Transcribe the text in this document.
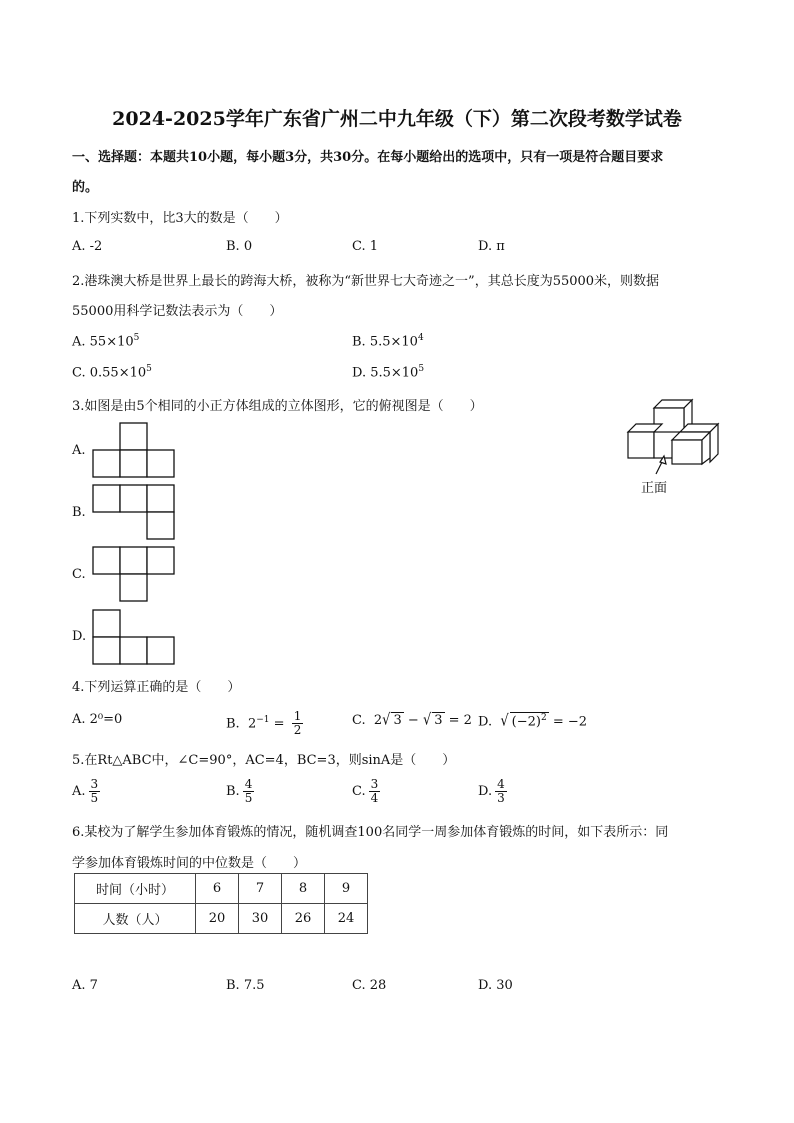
2024-2025学年广东省广州二中九年级（下）第二次段考数学试卷
一、选择题：本题共10小题，每小题3分，共30分。在每小题给出的选项中，只有一项是符合题目要求
的。
1.下列实数中，比3大的数是（　　）
A. -2	B. 0	C. 1	D. π
2.港珠澳大桥是世界上最长的跨海大桥，被称为“新世界七大奇迹之一”，其总长度为55000米，则数据
55000用科学记数法表示为（　　）
A. $55\times 10^5$	B. $5.5\times 10^4$
C. $0.55\times 10^5$	D. $5.5\times 10^5$
3.如图是由5个相同的小正方体组成的立体图形，它的俯视图是（　　）
正面
A.
B.
C.
D.
4.下列运算正确的是（　　）
A. 2⁰=0	B. $2^{-1} = \frac{1}{2}$	C. 2√ 3 − √ 3 = 2 D. √ $(-2)^2 = -2$
5.在Rt△ABC中，∠C=90°，AC=4，BC=3，则sinA是（　　）
A. $\frac{3}{5}$	B. $\frac{4}{5}$	C. $\frac{3}{4}$	D. $\frac{4}{3}$
6.某校为了解学生参加体育锻炼的情况，随机调查100名同学一周参加体育锻炼的时间，如下表所示：同
学参加体育锻炼时间的中位数是（　　）
时间（小时）	6	7	8	9
人数（人）	20	30	26	24
A. 7	B. 7.5	C. 28	D. 30
